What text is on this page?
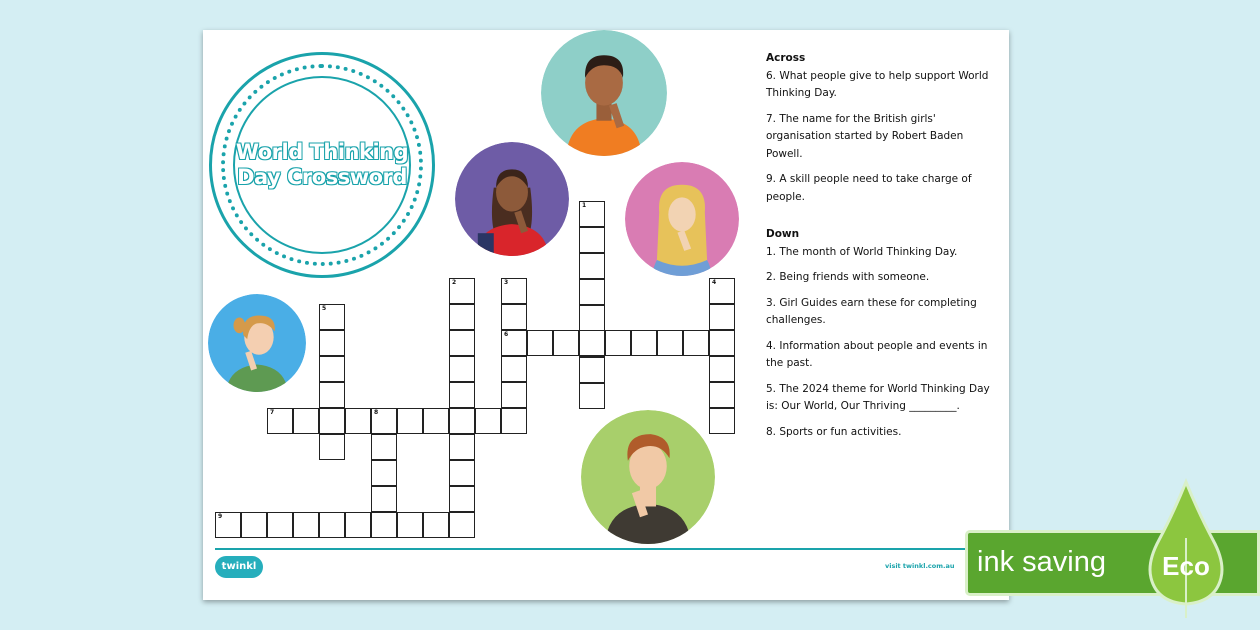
World Thinking
Day Crossword
1
2	3
6
4
5
7	8
9
Across

6. What people give to help support World Thinking Day.

7. The name for the British girls' organisation started by Robert Baden Powell.

9. A skill people need to take charge of people.

Down

1. The month of World Thinking Day.

2. Being friends with someone.

3. Girl Guides earn these for completing challenges.

4. Information about people and events in the past.

5. The 2024 theme for World Thinking Day is: Our World, Our Thriving _________.

8. Sports or fun activities.

twinkl	visit twinkl.com.au ink saving Eco
